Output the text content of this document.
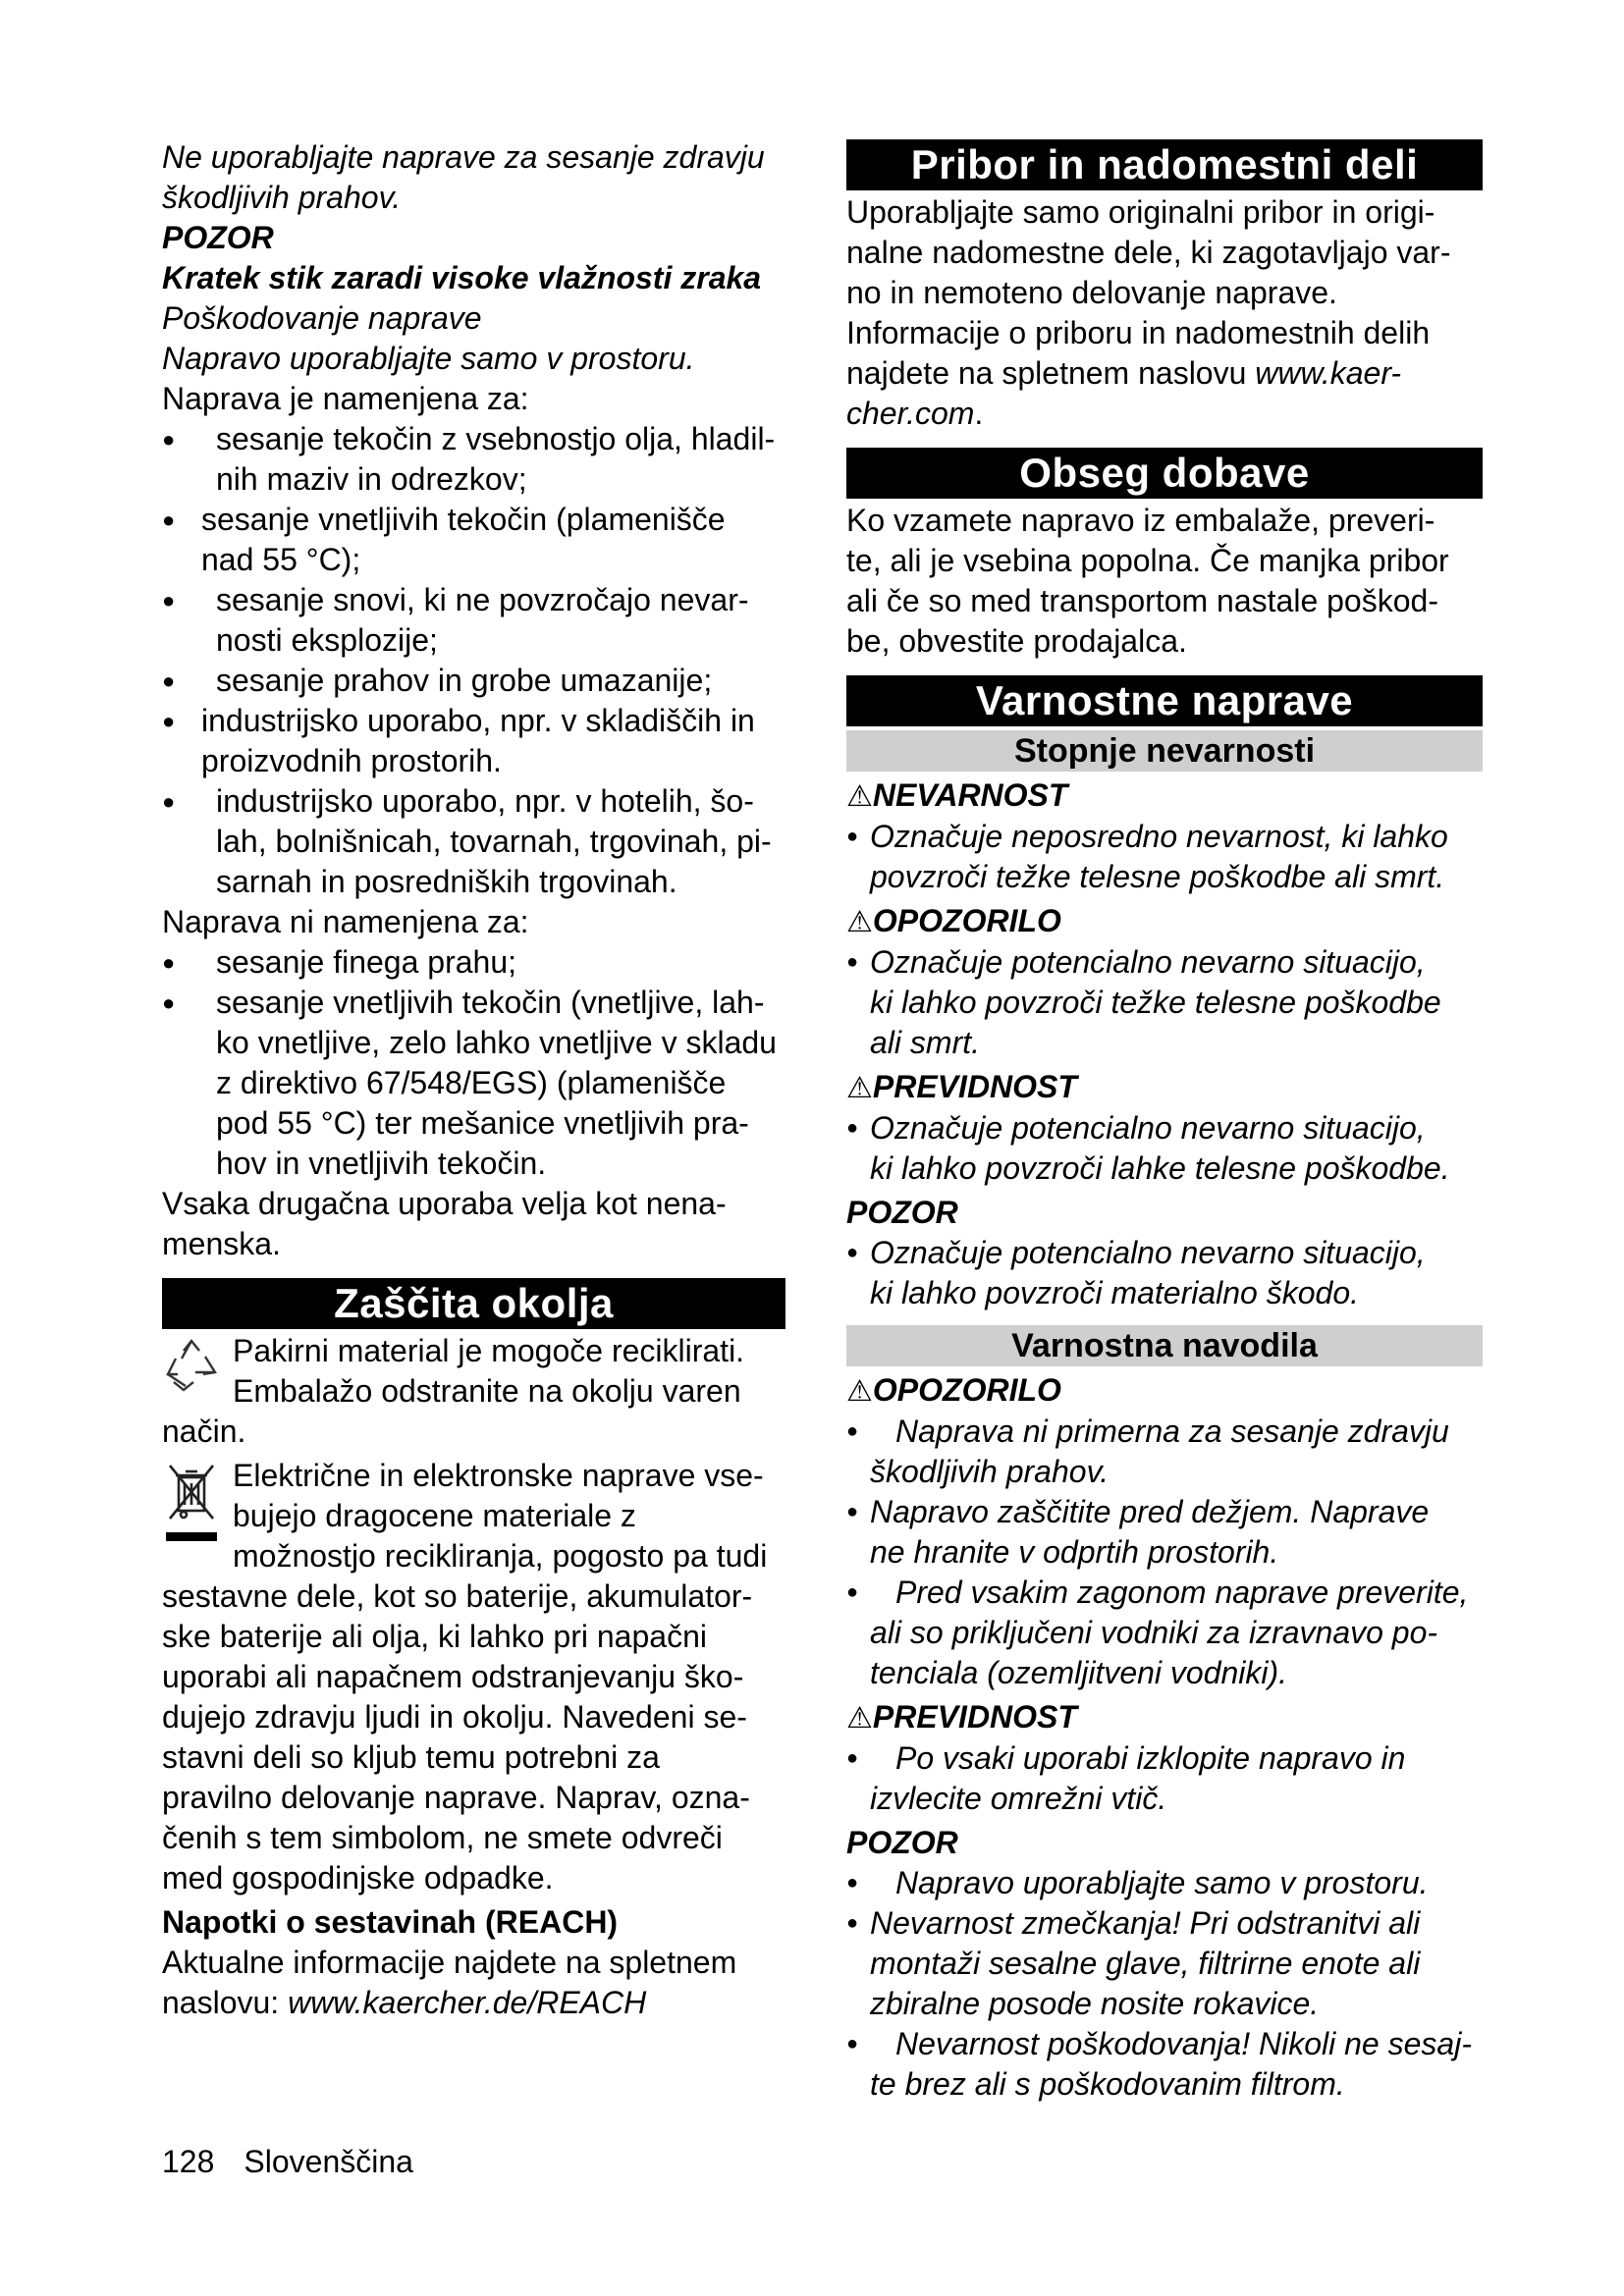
Ne uporabljajte naprave za sesanje zdravju

škodljivih prahov.

POZOR

Kratek stik zaradi visoke vlažnosti zraka

Poškodovanje naprave

Napravo uporabljajte samo v prostoru.

Naprava je namenjena za:

● sesanje tekočin z vsebnostjo olja, hladil-

nih maziv in odrezkov;

● sesanje vnetljivih tekočin (plamenišče

nad 55 °C);

● sesanje snovi, ki ne povzročajo nevar-

nosti eksplozije;

● sesanje prahov in grobe umazanije;

● industrijsko uporabo, npr. v skladiščih in

proizvodnih prostorih.

● industrijsko uporabo, npr. v hotelih, šo-

lah, bolnišnicah, tovarnah, trgovinah, pi-

sarnah in posredniških trgovinah.

Naprava ni namenjena za:

● sesanje finega prahu;

● sesanje vnetljivih tekočin (vnetljive, lah-

ko vnetljive, zelo lahko vnetljive v skladu

z direktivo 67/548/EGS) (plamenišče

pod 55 °C) ter mešanice vnetljivih pra-

hov in vnetljivih tekočin.

Vsaka drugačna uporaba velja kot nena-

menska.

Zaščita okolja

Pakirni material je mogoče reciklirati.

Embalažo odstranite na okolju varen

način.

Električne in elektronske naprave vse-

bujejo dragocene materiale z

možnostjo recikliranja, pogosto pa tudi

sestavne dele, kot so baterije, akumulator-

ske baterije ali olja, ki lahko pri napačni

uporabi ali napačnem odstranjevanju ško-

dujejo zdravju ljudi in okolju. Navedeni se-

stavni deli so kljub temu potrebni za

pravilno delovanje naprave. Naprav, ozna-

čenih s tem simbolom, ne smete odvreči

med gospodinjske odpadke.

Napotki o sestavinah (REACH)

Aktualne informacije najdete na spletnem

naslovu: www.kaercher.de/REACH

Pribor in nadomestni deli

Uporabljajte samo originalni pribor in origi-

nalne nadomestne dele, ki zagotavljajo var-

no in nemoteno delovanje naprave.

Informacije o priboru in nadomestnih delih

najdete na spletnem naslovu www.kaer-

cher.com.

Obseg dobave

Ko vzamete napravo iz embalaže, preveri-

te, ali je vsebina popolna. Če manjka pribor

ali če so med transportom nastale poškod-

be, obvestite prodajalca.

Varnostne naprave
Stopnje nevarnosti

⚠NEVARNOST

● Označuje neposredno nevarnost, ki lahko

povzroči težke telesne poškodbe ali smrt.

⚠OPOZORILO

● Označuje potencialno nevarno situacijo,

ki lahko povzroči težke telesne poškodbe

ali smrt.

⚠PREVIDNOST

● Označuje potencialno nevarno situacijo,

ki lahko povzroči lahke telesne poškodbe.

POZOR

● Označuje potencialno nevarno situacijo,

ki lahko povzroči materialno škodo.

Varnostna navodila

⚠OPOZORILO

● Naprava ni primerna za sesanje zdravju

škodljivih prahov.

● Napravo zaščitite pred dežjem. Naprave

ne hranite v odprtih prostorih.

● Pred vsakim zagonom naprave preverite,

ali so priključeni vodniki za izravnavo po-

tenciala (ozemljitveni vodniki).

⚠PREVIDNOST

● Po vsaki uporabi izklopite napravo in

izvlecite omrežni vtič.

POZOR

● Napravo uporabljajte samo v prostoru.

● Nevarnost zmečkanja! Pri odstranitvi ali

montaži sesalne glave, filtrirne enote ali

zbiralne posode nosite rokavice.

● Nevarnost poškodovanja! Nikoli ne sesaj-

te brez ali s poškodovanim filtrom.

128 Slovenščina
